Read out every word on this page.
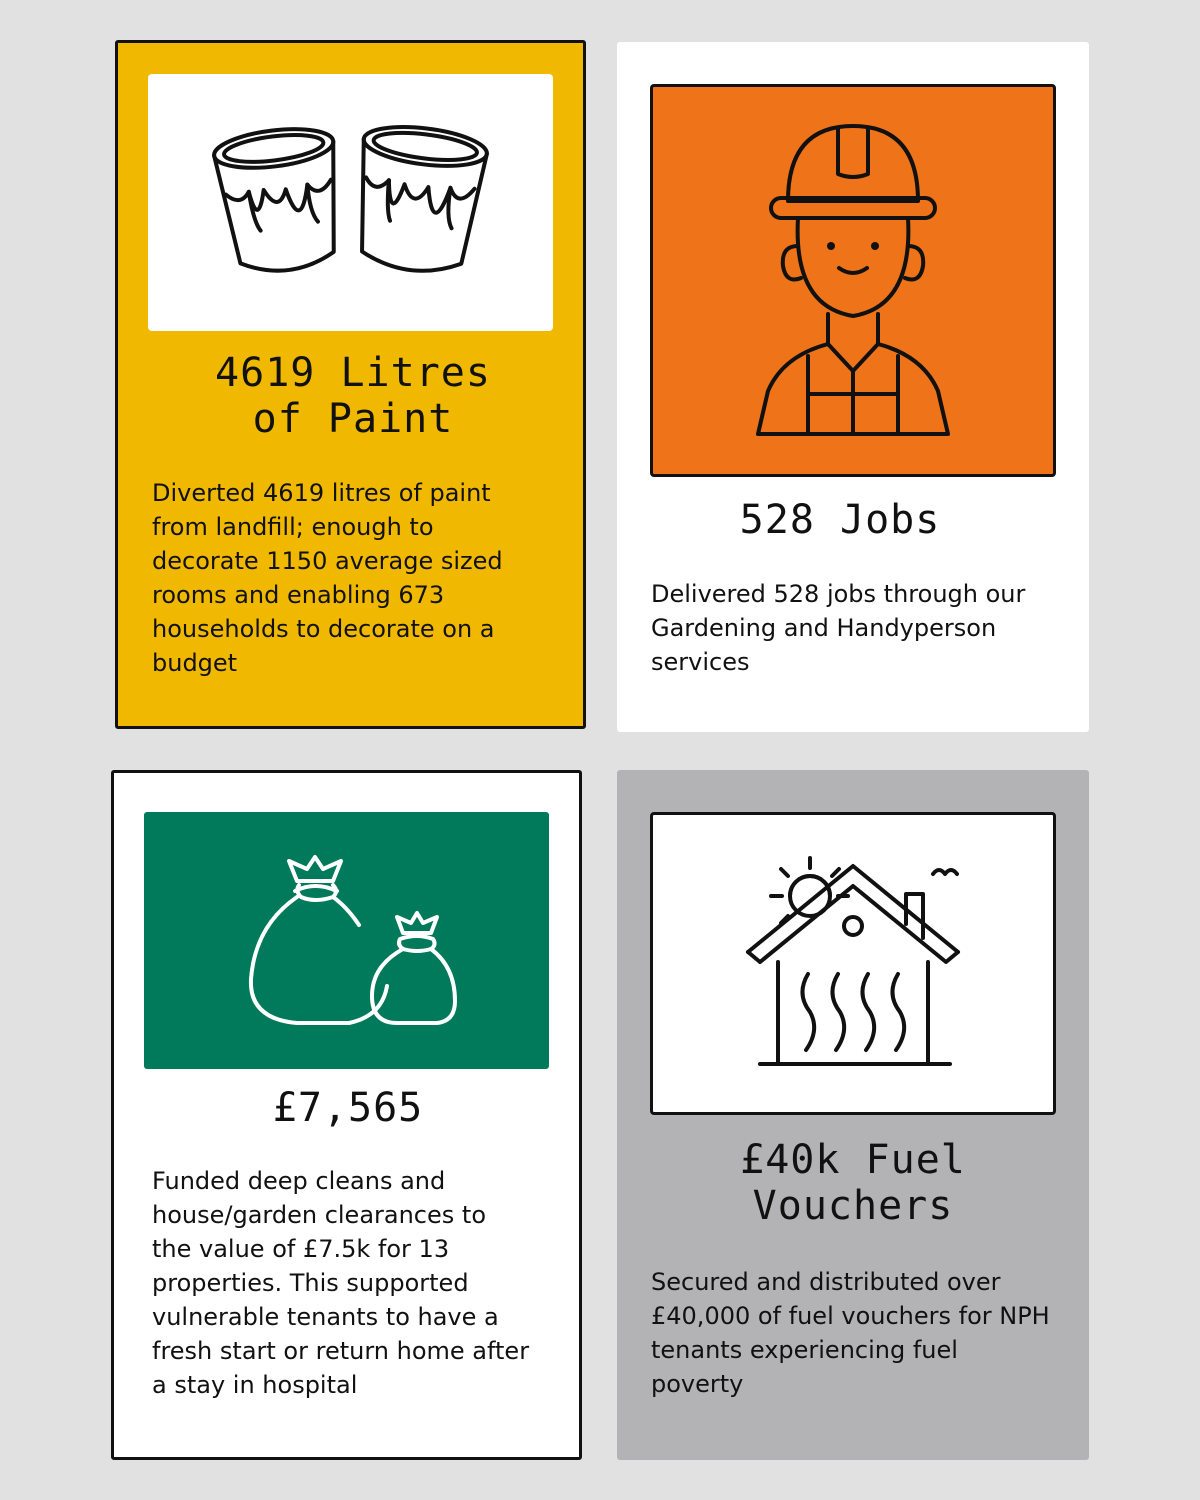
4619 Litres
of Paint

Diverted 4619 litres of paint from landfill; enough to decorate 1150 average sized rooms and enabling 673 households to decorate on a budget

528 Jobs

Delivered 528 jobs through our Gardening and Handyperson services

£7,565

Funded deep cleans and house/garden clearances to the value of £7.5k for 13 properties. This supported vulnerable tenants to have a fresh start or return home after a stay in hospital

£40k Fuel
Vouchers

Secured and distributed over £40,000 of fuel vouchers for NPH tenants experiencing fuel poverty
